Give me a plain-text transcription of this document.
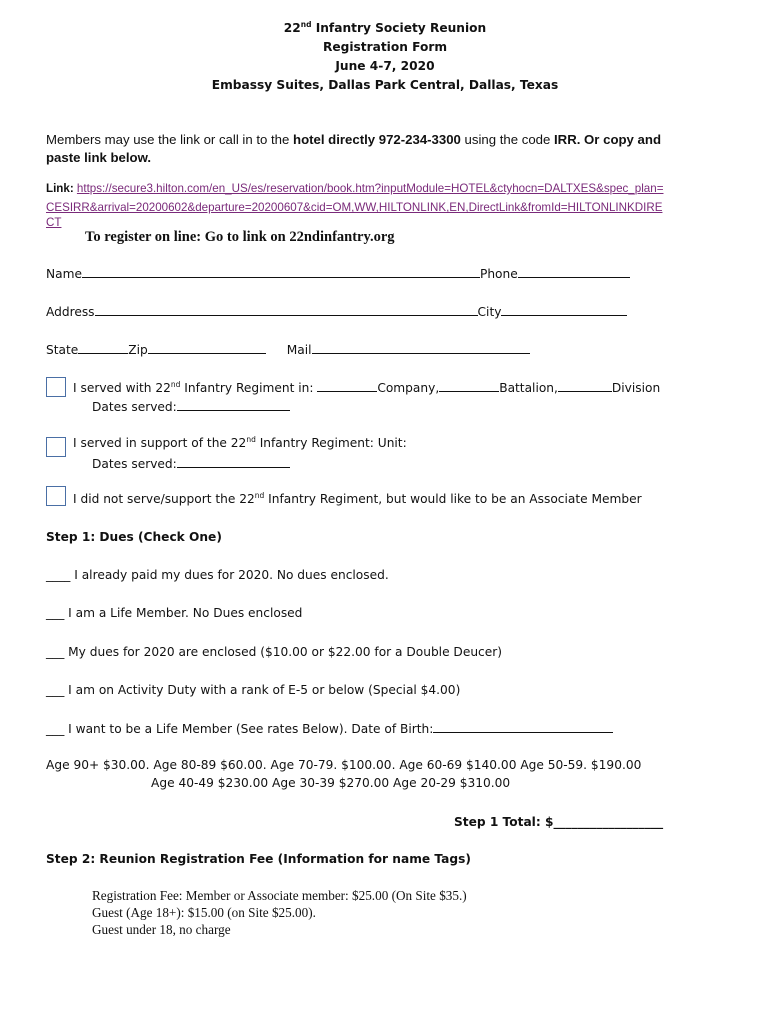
22nd Infantry Society Reunion
Registration Form
June 4-7, 2020
Embassy Suites, Dallas Park Central, Dallas, Texas
Members may use the link or call in to the hotel directly 972-234-3300 using the code IRR. Or copy and
paste link below.
Link: https://secure3.hilton.com/en_US/es/reservation/book.htm?inputModule=HOTEL&ctyhocn=DALTXES&spec_plan=
CESIRR&arrival=20200602&departure=20200607&cid=OM,WW,HILTONLINK,EN,DirectLink&fromId=HILTONLINKDIRE
CT
To register on line: Go to link on 22ndinfantry.org
Name	Phone
Address	City
State	Zip	Mail
I served with 22nd Infantry Regiment in:	Company,	Battalion,	Division
Dates served:
I served in support of the 22nd Infantry Regiment: Unit:
Dates served:
I did not serve/support the 22nd Infantry Regiment, but would like to be an Associate Member
Step 1: Dues (Check One)
____ I already paid my dues for 2020. No dues enclosed.
___ I am a Life Member. No Dues enclosed
___ My dues for 2020 are enclosed ($10.00 or $22.00 for a Double Deucer)
___ I am on Activity Duty with a rank of E-5 or below (Special $4.00)
___ I want to be a Life Member (See rates Below). Date of Birth:
Age 90+ $30.00. Age 80-89 $60.00. Age 70-79. $100.00. Age 60-69 $140.00 Age 50-59. $190.00
Age 40-49 $230.00 Age 30-39 $270.00 Age 20-29 $310.00
Step 1 Total: $__________________
Step 2: Reunion Registration Fee (Information for name Tags)
Registration Fee: Member or Associate member: $25.00 (On Site $35.)
Guest (Age 18+): $15.00 (on Site $25.00).
Guest under 18, no charge
